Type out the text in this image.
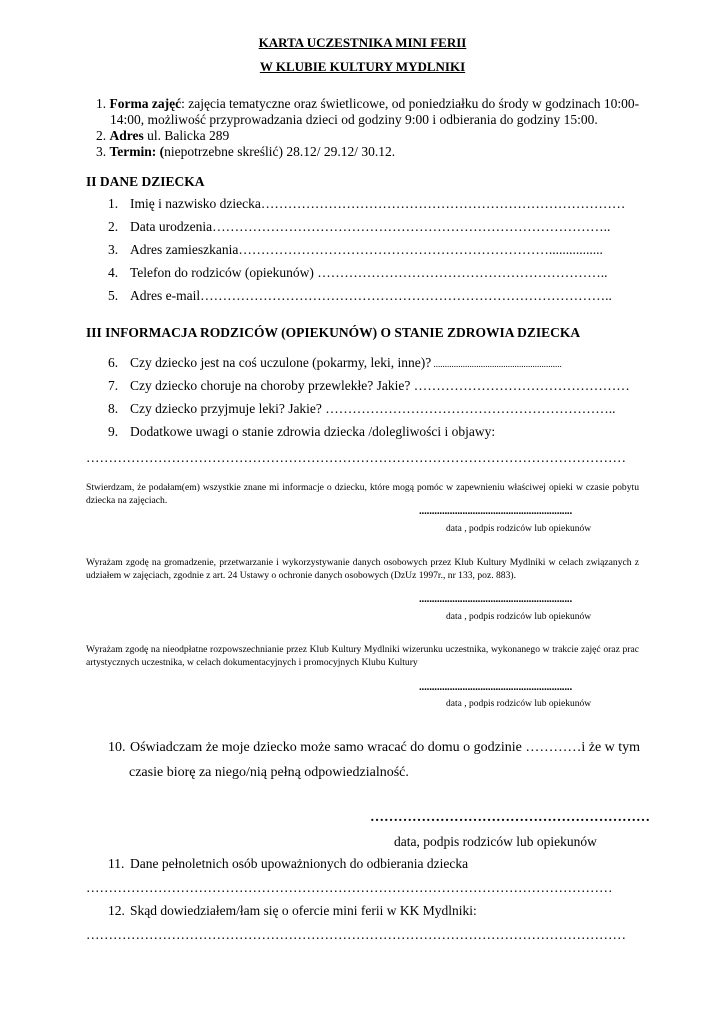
KARTA UCZESTNIKA MINI FERII
W KLUBIE KULTURY MYDLNIKI
1. Forma zajęć: zajęcia tematyczne oraz świetlicowe, od poniedziałku do środy w godzinach 10:00-
14:00, możliwość przyprowadzania dzieci od godziny 9:00 i odbierania do godziny 15:00.
2. Adres ul. Balicka 289
3. Termin: (niepotrzebne skreślić) 28.12/ 29.12/ 30.12.
II DANE DZIECKA
1. Imię i nazwisko dziecka………………………………………………………………………
2. Data urodzenia……………………………………………………………………………..
3. Adres zamieszkania……………………………………………………………................
4. Telefon do rodziców (opiekunów) ………………………………………………………..
5. Adres e-mail………………………………………………………………………………..
III INFORMACJA RODZICÓW (OPIEKUNÓW) O STANIE ZDROWIA DZIECKA
6. Czy dziecko jest na coś uczulone (pokarmy, leki, inne)? .........................................................
7. Czy dziecko choruje na choroby przewlekłe? Jakie? …………………………………………
8. Czy dziecko przyjmuje leki? Jakie? ………………………………………………………..
9. Dodatkowe uwagi o stanie zdrowia dziecka /dolegliwości i objawy:
…………………………………………………………………………………………………………
Stwierdzam, że podałam(em) wszystkie znane mi informacje o dziecku, które mogą pomóc w zapewnieniu właściwej opieki w czasie pobytu dziecka na zajęciach.
............................................................
data , podpis rodziców lub opiekunów
Wyrażam zgodę na gromadzenie, przetwarzanie i wykorzystywanie danych osobowych przez Klub Kultury Mydlniki w celach związanych z udziałem w zajęciach, zgodnie z art. 24 Ustawy o ochronie danych osobowych (DzUz 1997r., nr 133, poz. 883).
............................................................
data , podpis rodziców lub opiekunów
Wyrażam zgodę na nieodpłatne rozpowszechnianie przez Klub Kultury Mydlniki wizerunku uczestnika, wykonanego w trakcie zajęć oraz prac artystycznych uczestnika, w celach dokumentacyjnych i promocyjnych Klubu Kultury
............................................................
data , podpis rodziców lub opiekunów
10. Oświadczam że moje dziecko może samo wracać do domu o godzinie …………i że w tym
czasie biorę za niego/nią pełną odpowiedzialność.
……………………………………………………
data, podpis rodziców lub opiekunów
11. Dane pełnoletnich osób upoważnionych do odbierania dziecka
………………………………………………………………………………………………………
12. Skąd dowiedziałem/łam się o ofercie mini ferii w KK Mydlniki:
…………………………………………………………………………………………………………
